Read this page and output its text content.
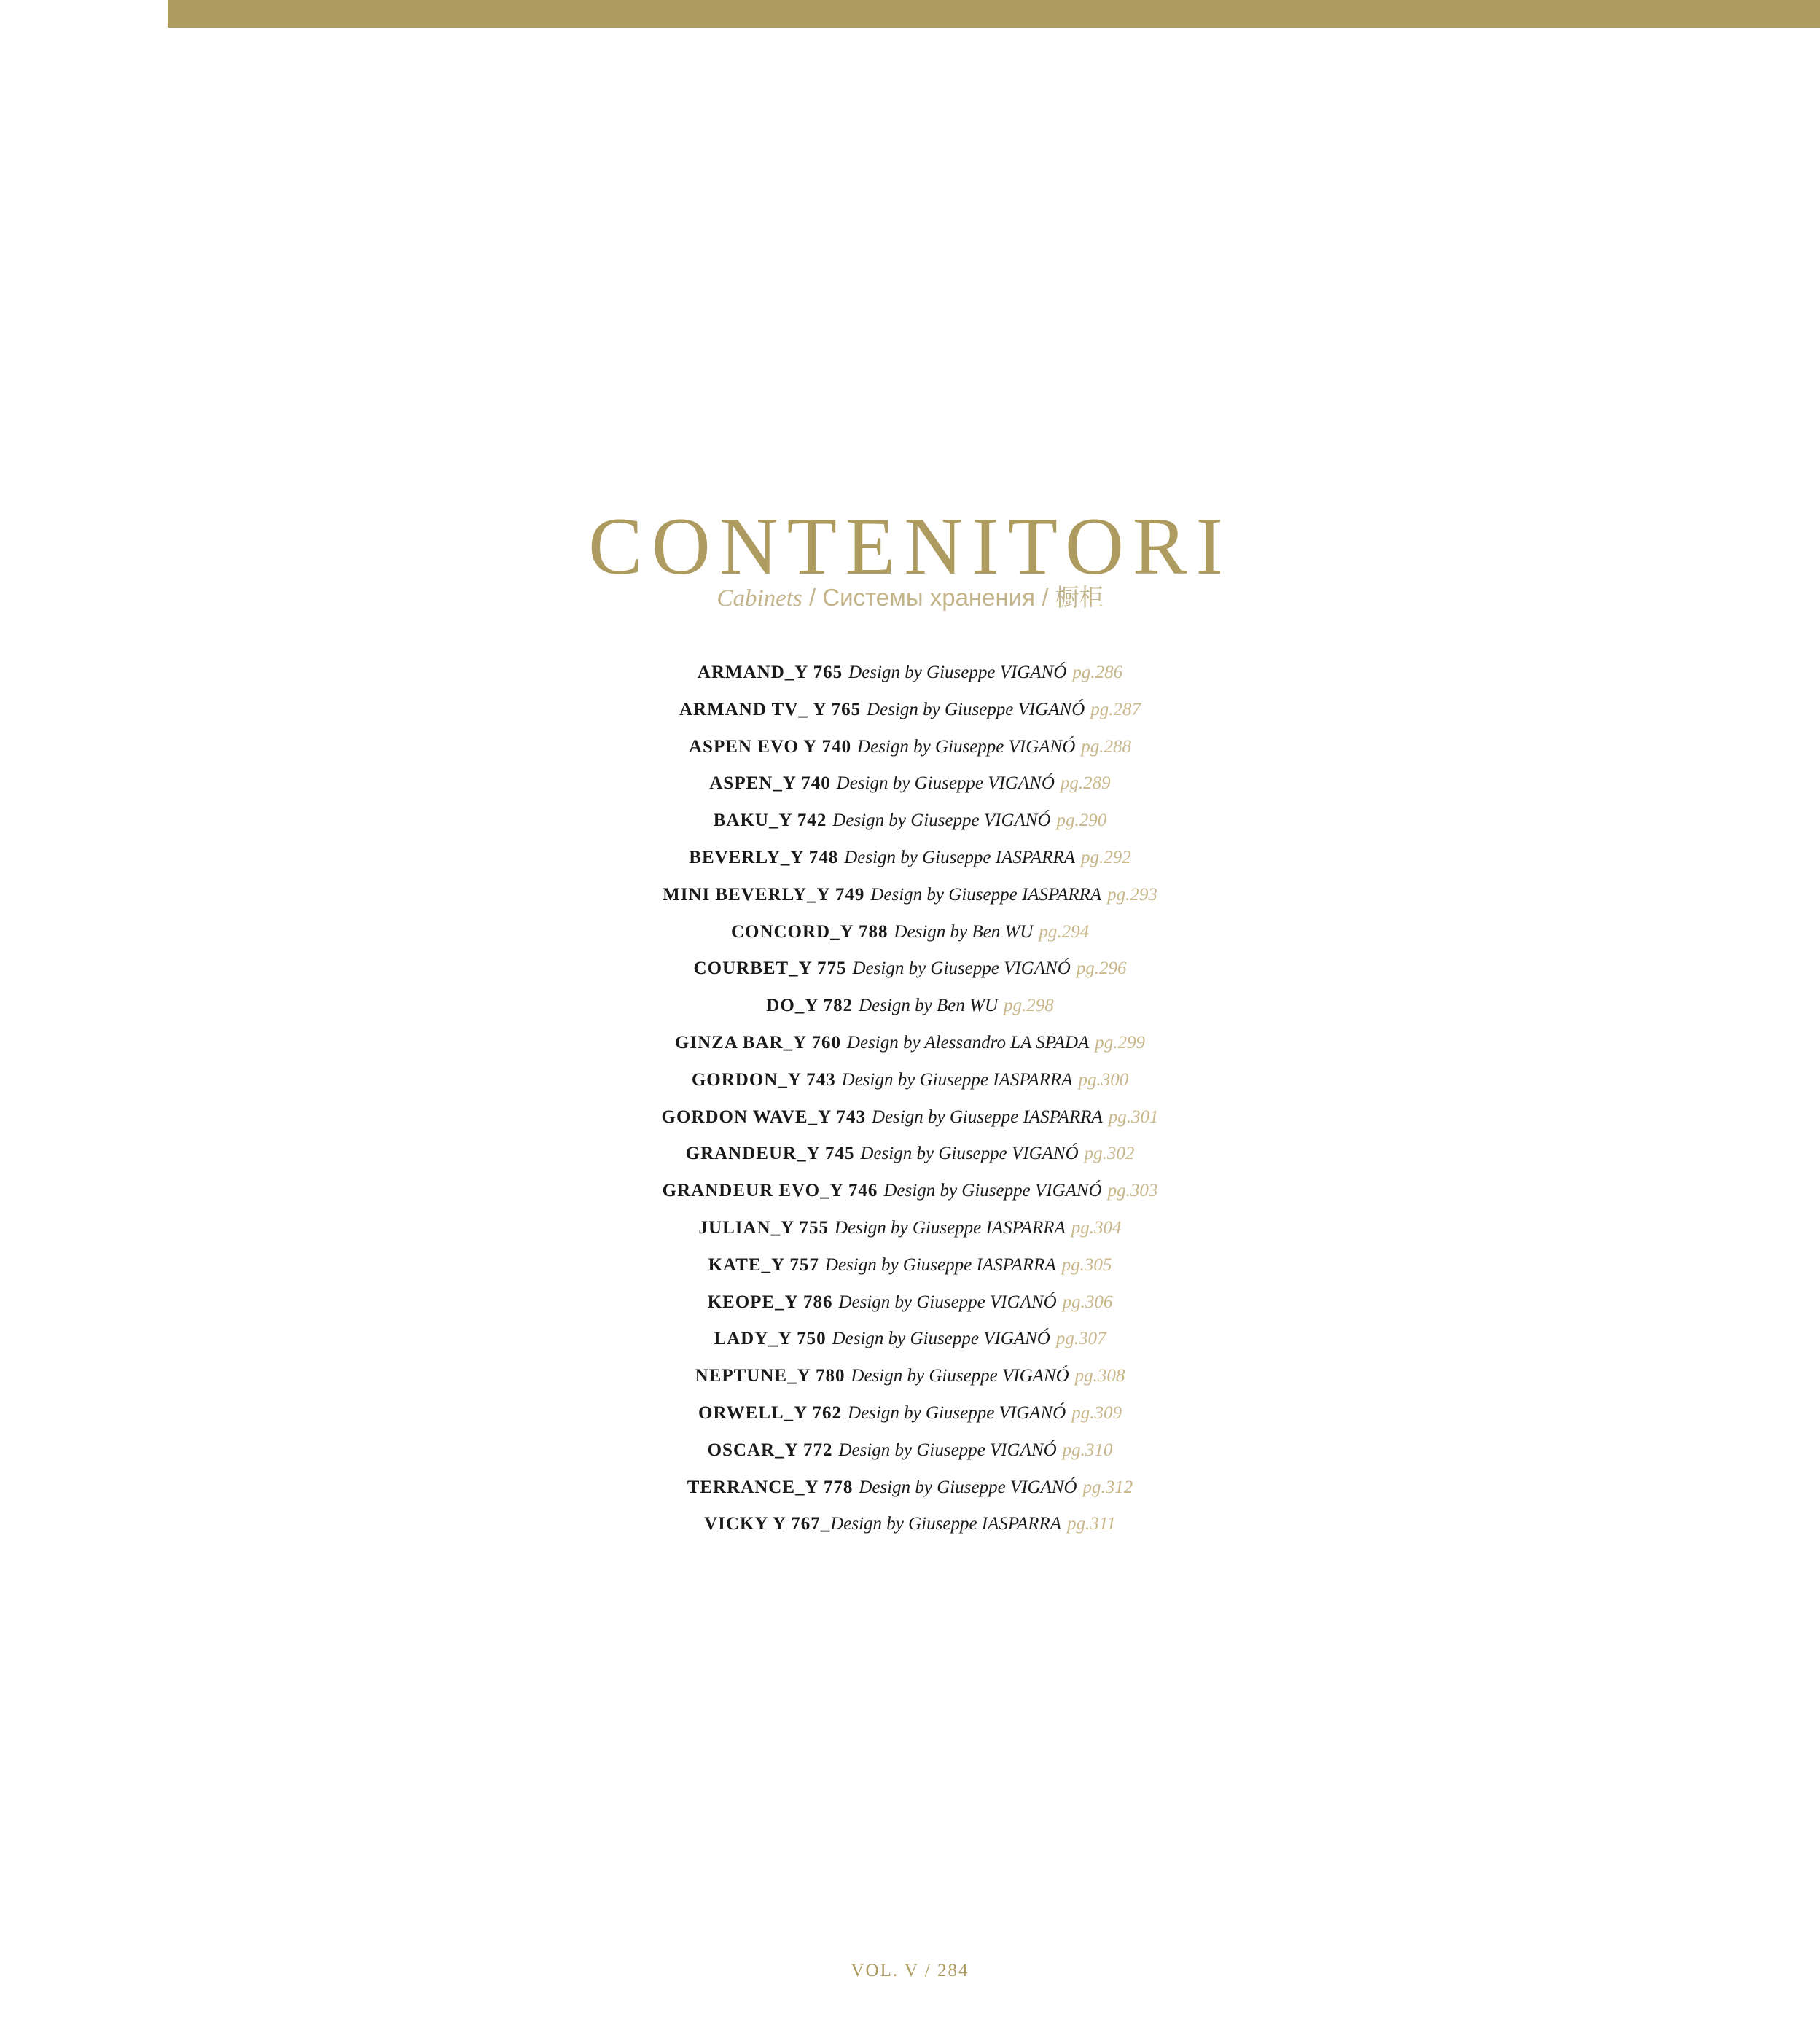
CONTENITORI
Cabinets / Системы хранения / 橱柜
ARMAND_Y 765 Design by Giuseppe VIGANÓ pg.286
ARMAND TV_ Y 765 Design by Giuseppe VIGANÓ pg.287
ASPEN EVO Y 740 Design by Giuseppe VIGANÓ pg.288
ASPEN_Y 740 Design by Giuseppe VIGANÓ pg.289
BAKU_Y 742 Design by Giuseppe VIGANÓ pg.290
BEVERLY_Y 748 Design by Giuseppe IASPARRA pg.292
MINI BEVERLY_Y 749 Design by Giuseppe IASPARRA pg.293
CONCORD_Y 788 Design by Ben WU pg.294
COURBET_Y 775 Design by Giuseppe VIGANÓ pg.296
DO_Y 782 Design by Ben WU pg.298
GINZA BAR_Y 760 Design by Alessandro LA SPADA pg.299
GORDON_Y 743 Design by Giuseppe IASPARRA pg.300
GORDON WAVE_Y 743 Design by Giuseppe IASPARRA pg.301
GRANDEUR_Y 745 Design by Giuseppe VIGANÓ pg.302
GRANDEUR EVO_Y 746 Design by Giuseppe VIGANÓ pg.303
JULIAN_Y 755 Design by Giuseppe IASPARRA pg.304
KATE_Y 757 Design by Giuseppe IASPARRA pg.305
KEOPE_Y 786 Design by Giuseppe VIGANÓ pg.306
LADY_Y 750 Design by Giuseppe VIGANÓ pg.307
NEPTUNE_Y 780 Design by Giuseppe VIGANÓ pg.308
ORWELL_Y 762 Design by Giuseppe VIGANÓ pg.309
OSCAR_Y 772 Design by Giuseppe VIGANÓ pg.310
TERRANCE_Y 778 Design by Giuseppe VIGANÓ pg.312
VICKY Y 767_Design by Giuseppe IASPARRA pg.311
VOL. V / 284
